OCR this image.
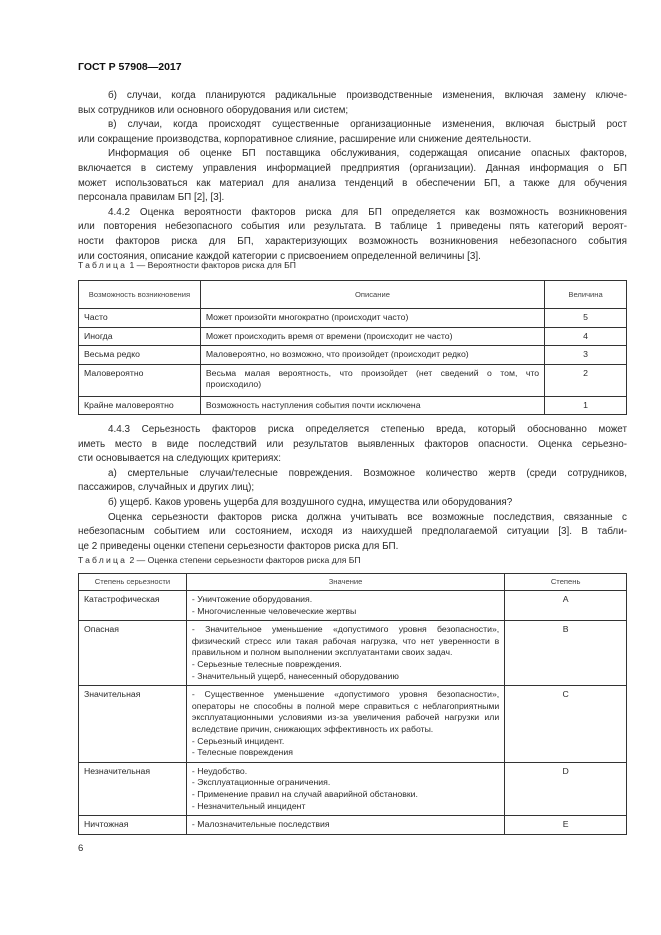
ГОСТ Р 57908—2017
б) случаи, когда планируются радикальные производственные изменения, включая замену ключе-
вых сотрудников или основного оборудования или систем;
в) случаи, когда происходят существенные организационные изменения, включая быстрый рост
или сокращение производства, корпоративное слияние, расширение или снижение деятельности.
Информация об оценке БП поставщика обслуживания, содержащая описание опасных факторов,
включается в систему управления информацией предприятия (организации). Данная информация о БП
может использоваться как материал для анализа тенденций в обеспечении БП, а также для обучения
персонала правилам БП [2], [3].
4.4.2 Оценка вероятности факторов риска для БП определяется как возможность возникновения
или повторения небезопасного события или результата. В таблице 1 приведены пять категорий вероят-
ности факторов риска для БП, характеризующих возможность возникновения небезопасного события
или состояния, описание каждой категории с присвоением определенной величины [3].
Таблица 1 — Вероятности факторов риска для БП
Возможность возникновения	Описание	Величина
Часто	Может произойти многократно (происходит часто)	5
Иногда	Может происходить время от времени (происходит не часто)	4
Весьма редко	Маловероятно, но возможно, что произойдет (происходит редко)	3
Маловероятно	Весьма малая вероятность, что произойдет (нет сведений о том, что происходило)	2
Крайне маловероятно	Возможность наступления события почти исключена	1
4.4.3 Серьезность факторов риска определяется степенью вреда, который обоснованно может
иметь место в виде последствий или результатов выявленных факторов опасности. Оценка серьезно-
сти основывается на следующих критериях:
а) смертельные случаи/телесные повреждения. Возможное количество жертв (среди сотрудников,
пассажиров, случайных и других лиц);
б) ущерб. Каков уровень ущерба для воздушного судна, имущества или оборудования?
Оценка серьезности факторов риска должна учитывать все возможные последствия, связанные с
небезопасным событием или состоянием, исходя из наихудшей предполагаемой ситуации [3]. В табли-
це 2 приведены оценки степени серьезности факторов риска для БП.
Таблица 2 — Оценка степени серьезности факторов риска для БП
Степень серьезности	Значение	Степень
Катастрофическая	- Уничтожение оборудования.
- Многочисленные человеческие жертвы	A
Опасная	- Значительное уменьшение «допустимого уровня безопасности», физический стресс или такая рабочая нагрузка, что нет уверенности в правильном и полном выполнении эксплуатантами своих задач.
- Серьезные телесные повреждения.
- Значительный ущерб, нанесенный оборудованию	B
Значительная	- Существенное уменьшение «допустимого уровня безопасности», операторы не способны в полной мере справиться с неблагоприятными эксплуатационными условиями из-за увеличения рабочей нагрузки или вследствие причин, снижающих эффективность их работы.
- Серьезный инцидент.
- Телесные повреждения	C
Незначительная	- Неудобство.
- Эксплуатационные ограничения.
- Применение правил на случай аварийной обстановки.
- Незначительный инцидент	D
Ничтожная	- Малозначительные последствия	E
6
